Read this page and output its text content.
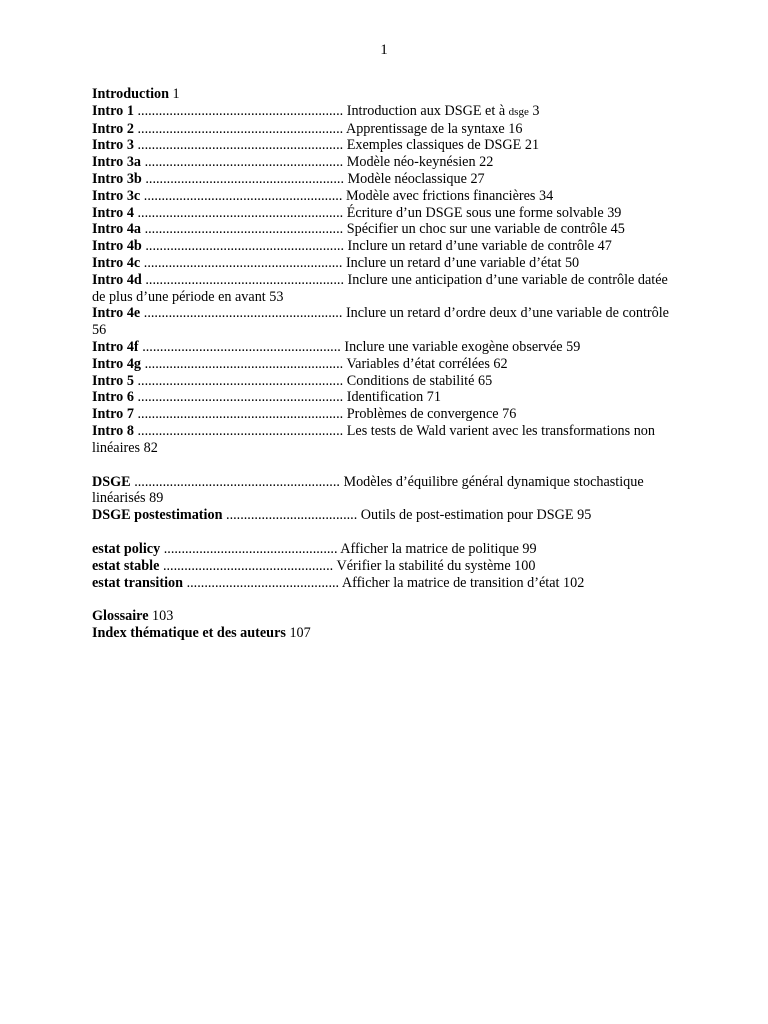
1

Introduction 1

Intro 1 .......................................................... Introduction aux DSGE et à dsge 3

Intro 2 .......................................................... Apprentissage de la syntaxe 16

Intro 3 .......................................................... Exemples classiques de DSGE 21

Intro 3a ........................................................ Modèle néo-keynésien 22

Intro 3b ........................................................ Modèle néoclassique 27

Intro 3c ........................................................ Modèle avec frictions financières 34

Intro 4 .......................................................... Écriture d’un DSGE sous une forme solvable 39

Intro 4a ........................................................ Spécifier un choc sur une variable de contrôle 45

Intro 4b ........................................................ Inclure un retard d’une variable de contrôle 47

Intro 4c ........................................................ Inclure un retard d’une variable d’état 50

Intro 4d ........................................................ Inclure une anticipation d’une variable de contrôle datée de plus d’une période en avant 53

Intro 4e ........................................................ Inclure un retard d’ordre deux d’une variable de contrôle 56

Intro 4f ........................................................ Inclure une variable exogène observée 59

Intro 4g ........................................................ Variables d’état corrélées 62

Intro 5 .......................................................... Conditions de stabilité 65

Intro 6 .......................................................... Identification 71

Intro 7 .......................................................... Problèmes de convergence 76

Intro 8 .......................................................... Les tests de Wald varient avec les transformations non linéaires 82

DSGE .......................................................... Modèles d’équilibre général dynamique stochastique linéarisés 89

DSGE postestimation ..................................... Outils de post-estimation pour DSGE 95

estat policy ................................................. Afficher la matrice de politique 99

estat stable ................................................ Vérifier la stabilité du système 100

estat transition ........................................... Afficher la matrice de transition d’état 102

Glossaire 103

Index thématique et des auteurs 107
